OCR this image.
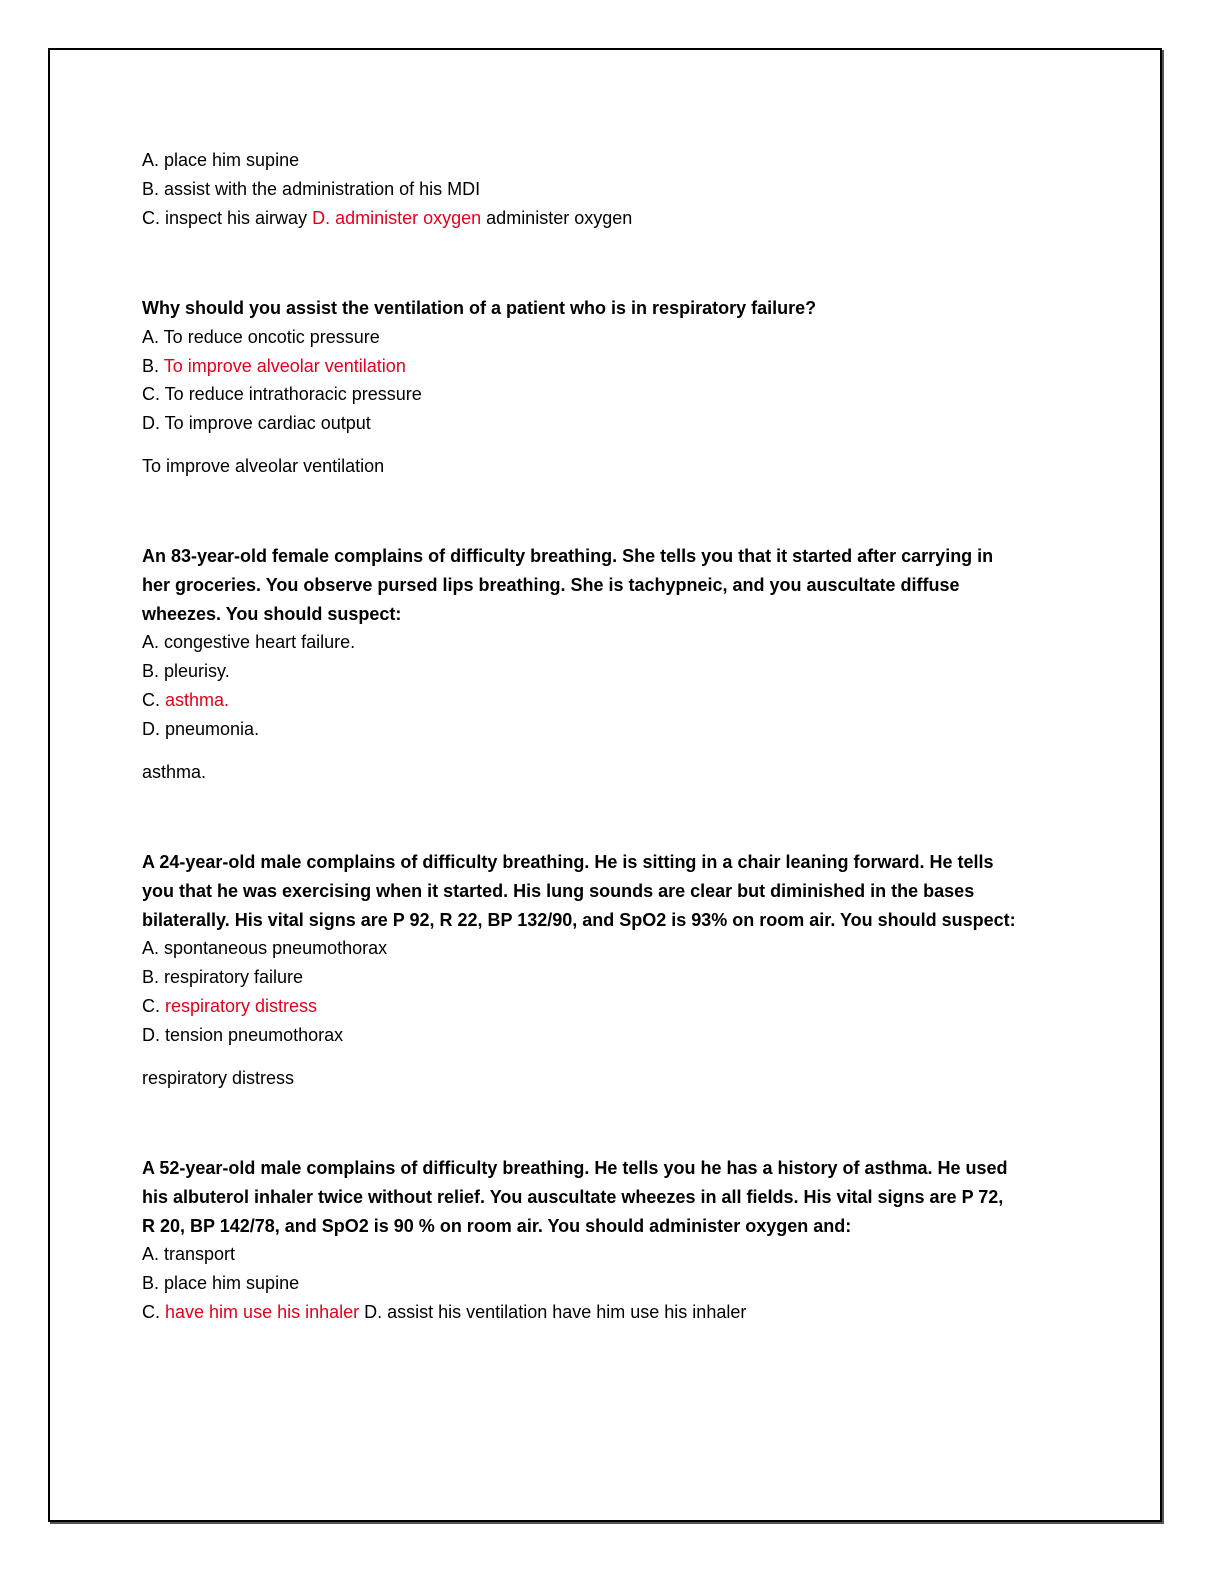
A. place him supine
B. assist with the administration of his MDI
C. inspect his airway D. administer oxygen administer oxygen
Why should you assist the ventilation of a patient who is in respiratory failure?
A. To reduce oncotic pressure
B. To improve alveolar ventilation
C. To reduce intrathoracic pressure
D. To improve cardiac output
To improve alveolar ventilation
An 83-year-old female complains of difficulty breathing. She tells you that it started after carrying in
her groceries. You observe pursed lips breathing. She is tachypneic, and you auscultate diffuse
wheezes. You should suspect:
A. congestive heart failure.
B. pleurisy.
C. asthma.
D. pneumonia.
asthma.
A 24-year-old male complains of difficulty breathing. He is sitting in a chair leaning forward. He tells
you that he was exercising when it started. His lung sounds are clear but diminished in the bases
bilaterally. His vital signs are P 92, R 22, BP 132/90, and SpO2 is 93% on room air. You should suspect:
A. spontaneous pneumothorax
B. respiratory failure
C. respiratory distress
D. tension pneumothorax
respiratory distress
A 52-year-old male complains of difficulty breathing. He tells you he has a history of asthma. He used
his albuterol inhaler twice without relief. You auscultate wheezes in all fields. His vital signs are P 72,
R 20, BP 142/78, and SpO2 is 90 % on room air. You should administer oxygen and:
A. transport
B. place him supine
C. have him use his inhaler D. assist his ventilation have him use his inhaler
